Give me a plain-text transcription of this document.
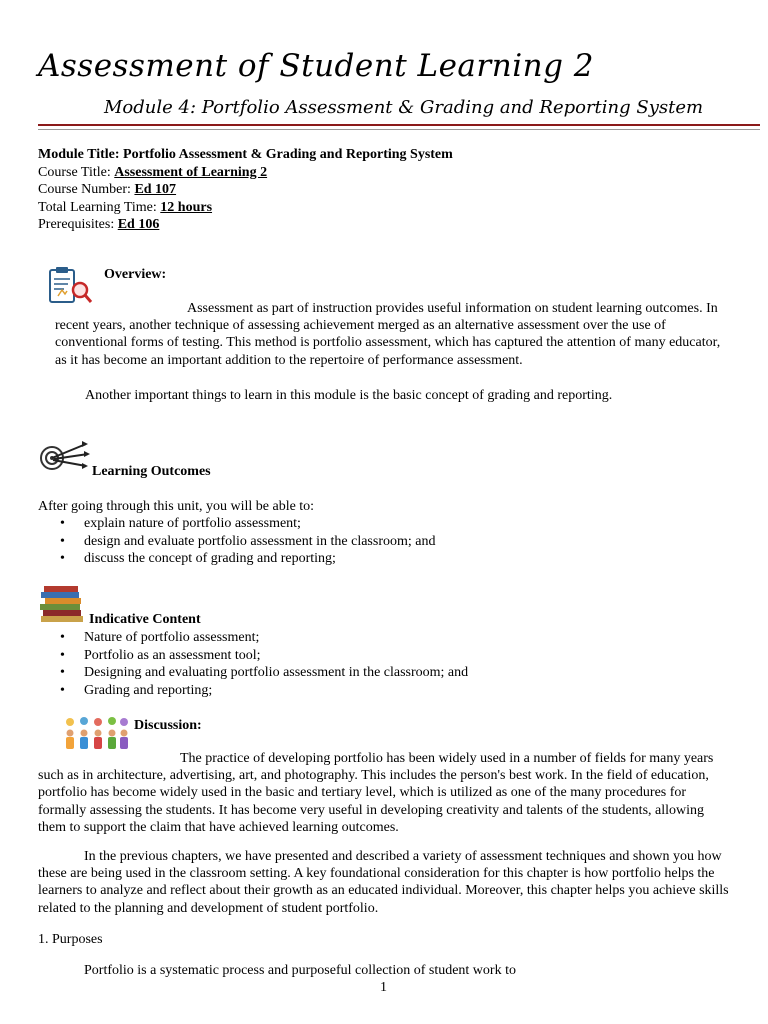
Assessment of Student Learning 2
Module 4: Portfolio Assessment & Grading and Reporting System
Module Title: Portfolio Assessment & Grading and Reporting System
Course Title: Assessment of Learning 2
Course Number: Ed 107
Total Learning Time: 12 hours
Prerequisites: Ed 106
Overview:
Assessment as part of instruction provides useful information on student learning outcomes. In recent years, another technique of assessing achievement merged as an alternative assessment over the use of conventional forms of testing. This method is portfolio assessment, which has captured the attention of many educator, as it has become an important addition to the repertoire of performance assessment.
Another important things to learn in this module is the basic concept of grading and reporting.
Learning Outcomes
After going through this unit, you will be able to:
• explain nature of portfolio assessment;
• design and evaluate portfolio assessment in the classroom; and
• discuss the concept of grading and reporting;
Indicative Content
• Nature of portfolio assessment;
• Portfolio as an assessment tool;
• Designing and evaluating portfolio assessment in the classroom; and
• Grading and reporting;
Discussion:
The practice of developing portfolio has been widely used in a number of fields for many years such as in architecture, advertising, art, and photography. This includes the person's best work. In the field of education, portfolio has become widely used in the basic and tertiary level, which is utilized as one of the many procedures for formally assessing the students. It has become very useful in developing creativity and talents of the students, allowing them to support the claim that have achieved learning outcomes.
In the previous chapters, we have presented and described a variety of assessment techniques and shown you how these are being used in the classroom setting. A key foundational consideration for this chapter is how portfolio helps the learners to analyze and reflect about their growth as an educated individual. Moreover, this chapter helps you achieve skills related to the planning and development of student portfolio.
1. Purposes
Portfolio is a systematic process and purposeful collection of student work to
1
